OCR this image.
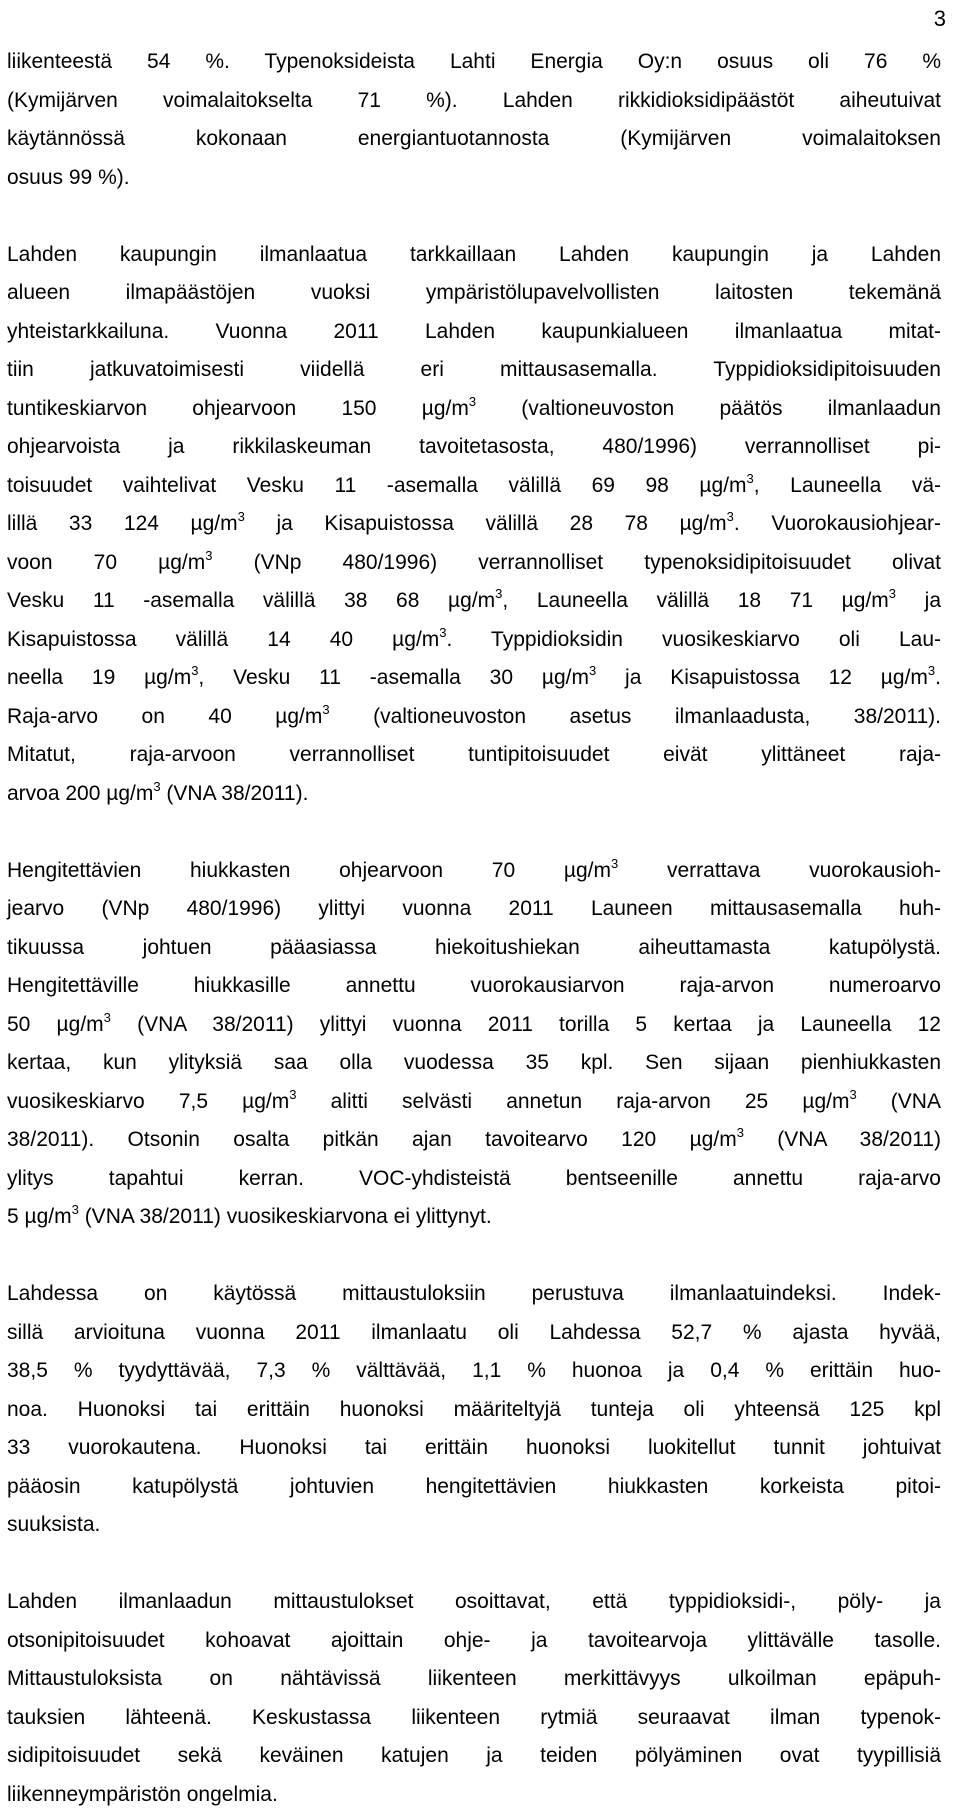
3
liikenteestä 54 %. Typenoksideista Lahti Energia Oy:n osuus oli 76 %
(Kymijärven voimalaitokselta 71 %). Lahden rikkidioksidipäästöt aiheutuivat
käytännössä kokonaan energiantuotannosta (Kymijärven voimalaitoksen
osuus 99 %).
Lahden kaupungin ilmanlaatua tarkkaillaan Lahden kaupungin ja Lahden
alueen ilmapäästöjen vuoksi ympäristölupavelvollisten laitosten tekemänä
yhteistarkkailuna. Vuonna 2011 Lahden kaupunkialueen ilmanlaatua mitat-
tiin jatkuvatoimisesti viidellä eri mittausasemalla. Typpidioksidipitoisuuden
tuntikeskiarvon ohjearvoon 150 $\mu g/m^3$ (valtioneuvoston päätös ilmanlaadun
ohjearvoista ja rikkilaskeuman tavoitetasosta, 480/1996) verrannolliset pi-
toisuudet vaihtelivat Vesku 11 -asemalla välillä 69 98 $\mu g/m^3$, Launeella vä-
lillä 33 124 $\mu g/m^3$ ja Kisapuistossa välillä 28 78 $\mu g/m^3$. Vuorokausiohjear-
voon 70 $\mu g/m^3$ (VNp 480/1996) verrannolliset typenoksidipitoisuudet olivat
Vesku 11 -asemalla välillä 38 68 $\mu g/m^3$, Launeella välillä 18 71 $\mu g/m^3$ ja
Kisapuistossa välillä 14 40 $\mu g/m^3$. Typpidioksidin vuosikeskiarvo oli Lau-
neella 19 $\mu g/m^3$, Vesku 11 -asemalla 30 $\mu g/m^3$ ja Kisapuistossa 12 $\mu g/m^3$.
Raja-arvo on 40 $\mu g/m^3$ (valtioneuvoston asetus ilmanlaadusta, 38/2011).
Mitatut, raja-arvoon verrannolliset tuntipitoisuudet eivät ylittäneet raja-
arvoa 200 $\mu g/m^3$ (VNA 38/2011).
Hengitettävien hiukkasten ohjearvoon 70 $\mu g/m^3$ verrattava vuorokausioh-
jearvo (VNp 480/1996) ylittyi vuonna 2011 Launeen mittausasemalla huh-
tikuussa johtuen pääasiassa hiekoitushiekan aiheuttamasta katupölystä.
Hengitettäville hiukkasille annettu vuorokausiarvon raja-arvon numeroarvo
50 $\mu g/m^3$ (VNA 38/2011) ylittyi vuonna 2011 torilla 5 kertaa ja Launeella 12
kertaa, kun ylityksiä saa olla vuodessa 35 kpl. Sen sijaan pienhiukkasten
vuosikeskiarvo 7,5 $\mu g/m^3$ alitti selvästi annetun raja-arvon 25 $\mu g/m^3$ (VNA
38/2011). Otsonin osalta pitkän ajan tavoitearvo 120 $\mu g/m^3$ (VNA 38/2011)
ylitys tapahtui kerran. VOC-yhdisteistä bentseenille annettu raja-arvo
5 $\mu g/m^3$ (VNA 38/2011) vuosikeskiarvona ei ylittynyt.
Lahdessa on käytössä mittaustuloksiin perustuva ilmanlaatuindeksi. Indek-
sillä arvioituna vuonna 2011 ilmanlaatu oli Lahdessa 52,7 % ajasta hyvää,
38,5 % tyydyttävää, 7,3 % välttävää, 1,1 % huonoa ja 0,4 % erittäin huo-
noa. Huonoksi tai erittäin huonoksi määriteltyjä tunteja oli yhteensä 125 kpl
33 vuorokautena. Huonoksi tai erittäin huonoksi luokitellut tunnit johtuivat
pääosin katupölystä johtuvien hengitettävien hiukkasten korkeista pitoi-
suuksista.
Lahden ilmanlaadun mittaustulokset osoittavat, että typpidioksidi-, pöly- ja
otsonipitoisuudet kohoavat ajoittain ohje- ja tavoitearvoja ylittävälle tasolle.
Mittaustuloksista on nähtävissä liikenteen merkittävyys ulkoilman epäpuh-
tauksien lähteenä. Keskustassa liikenteen rytmiä seuraavat ilman typenok-
sidipitoisuudet sekä keväinen katujen ja teiden pölyäminen ovat tyypillisiä
liikenneympäristön ongelmia.
